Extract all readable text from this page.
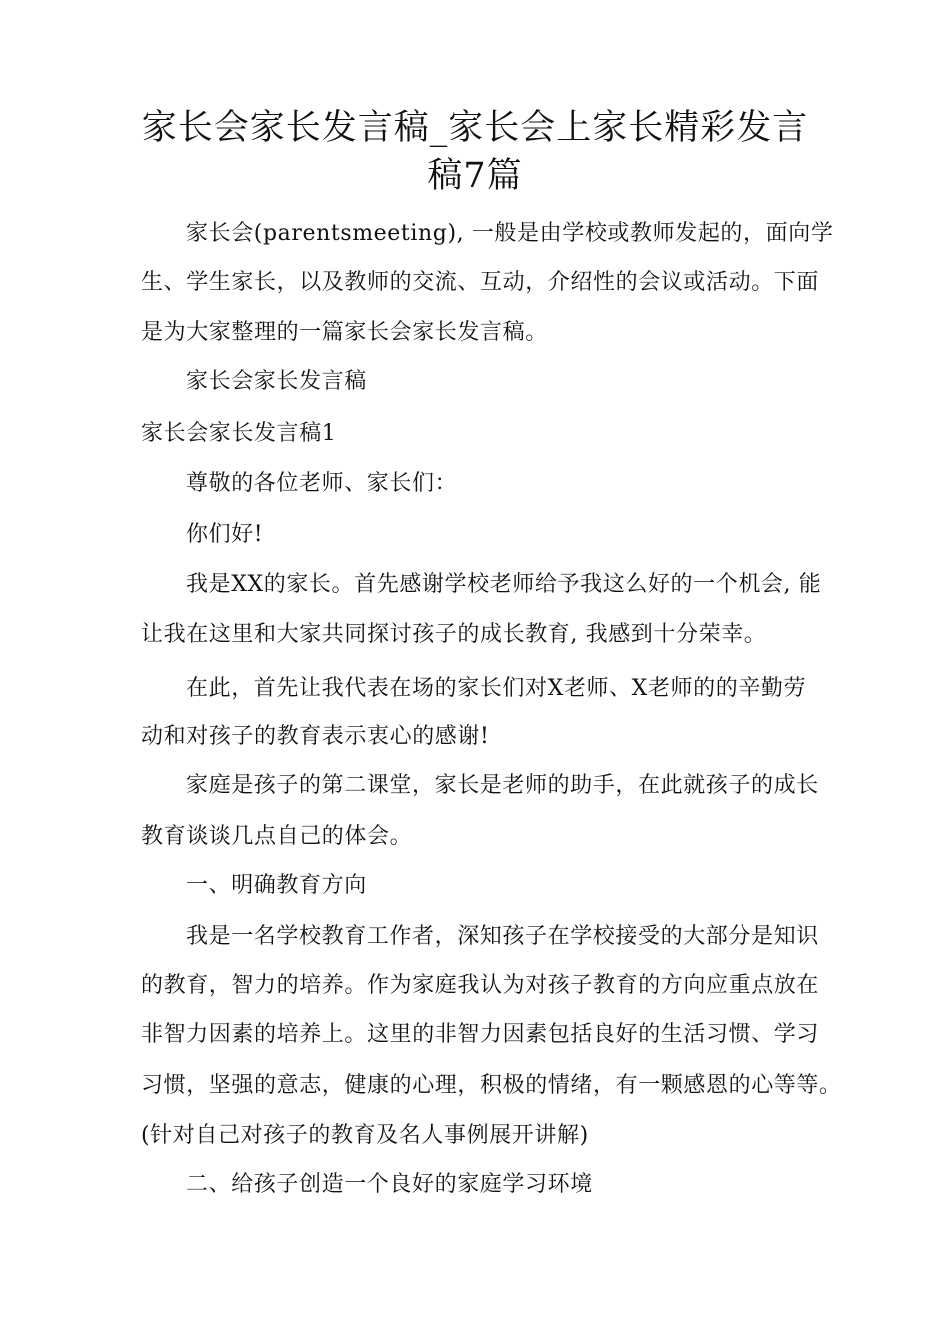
家长会家长发言稿_家长会上家长精彩发言
稿7篇
家长会(parentsmeeting), 一般是由学校或教师发起的，面向学
生、学生家长，以及教师的交流、互动，介绍性的会议或活动。下面
是为大家整理的一篇家长会家长发言稿。
家长会家长发言稿
家长会家长发言稿1
尊敬的各位老师、家长们：
你们好!
我是XX的家长。首先感谢学校老师给予我这么好的一个机会, 能
让我在这里和大家共同探讨孩子的成长教育, 我感到十分荣幸。
在此，首先让我代表在场的家长们对X老师、X老师的的辛勤劳
动和对孩子的教育表示衷心的感谢!
家庭是孩子的第二课堂，家长是老师的助手，在此就孩子的成长
教育谈谈几点自己的体会。
一、明确教育方向
我是一名学校教育工作者，深知孩子在学校接受的大部分是知识
的教育，智力的培养。作为家庭我认为对孩子教育的方向应重点放在
非智力因素的培养上。这里的非智力因素包括良好的生活习惯、学习
习惯，坚强的意志，健康的心理，积极的情绪，有一颗感恩的心等等。
(针对自己对孩子的教育及名人事例展开讲解)
二、给孩子创造一个良好的家庭学习环境
